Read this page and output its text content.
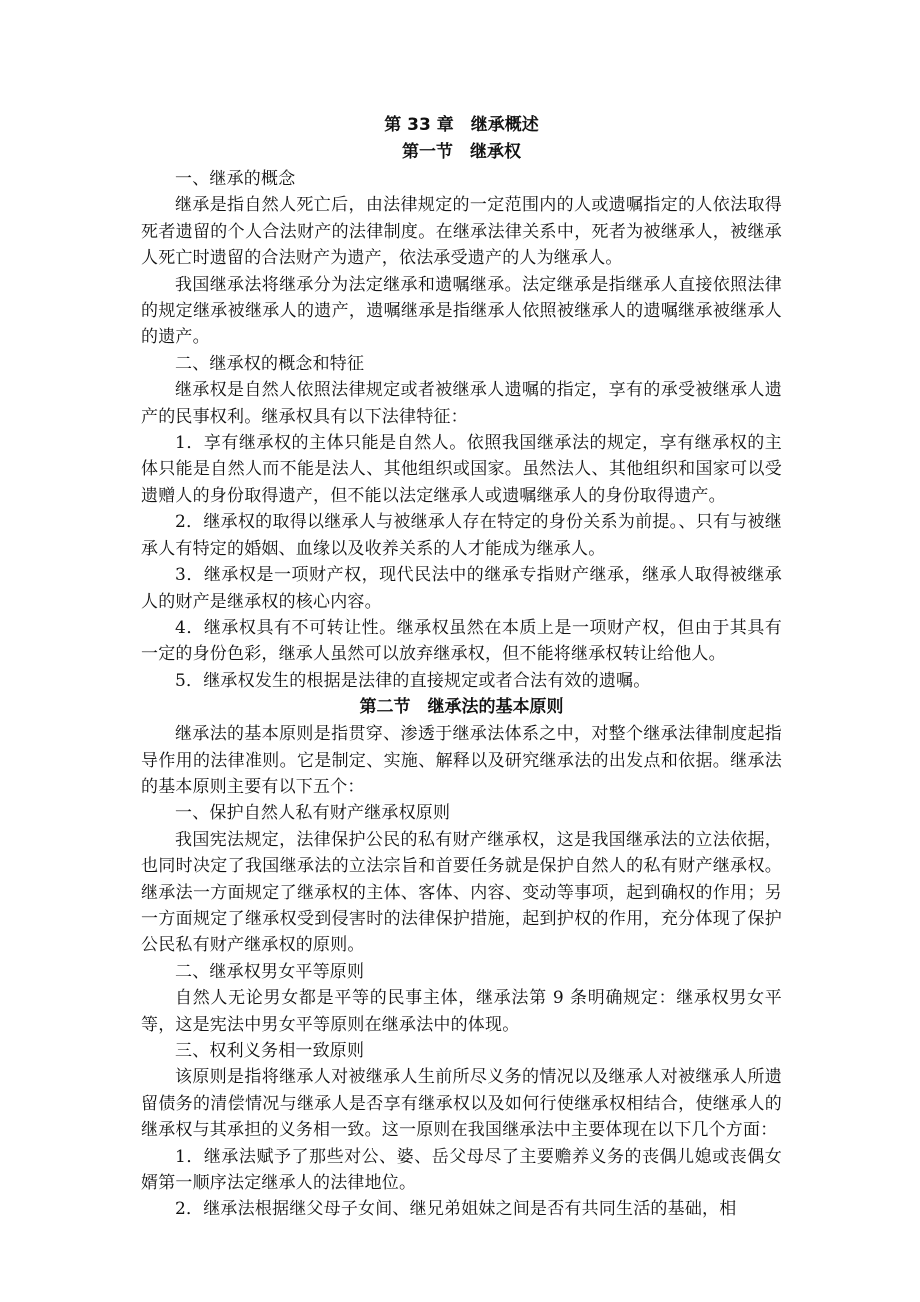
第 33 章　继承概述
第一节　继承权

一、继承的概念

继承是指自然人死亡后，由法律规定的一定范围内的人或遗嘱指定的人依法取得死者遗留的个人合法财产的法律制度。在继承法律关系中，死者为被继承人，被继承人死亡时遗留的合法财产为遗产，依法承受遗产的人为继承人。

我国继承法将继承分为法定继承和遗嘱继承。法定继承是指继承人直接依照法律的规定继承被继承人的遗产，遗嘱继承是指继承人依照被继承人的遗嘱继承被继承人的遗产。

二、继承权的概念和特征

继承权是自然人依照法律规定或者被继承人遗嘱的指定，享有的承受被继承人遗产的民事权利。继承权具有以下法律特征：

1．享有继承权的主体只能是自然人。依照我国继承法的规定，享有继承权的主体只能是自然人而不能是法人、其他组织或国家。虽然法人、其他组织和国家可以受遗赠人的身份取得遗产，但不能以法定继承人或遗嘱继承人的身份取得遗产。

2．继承权的取得以继承人与被继承人存在特定的身份关系为前提。、只有与被继承人有特定的婚姻、血缘以及收养关系的人才能成为继承人。

3．继承权是一项财产权，现代民法中的继承专指财产继承，继承人取得被继承人的财产是继承权的核心内容。

4．继承权具有不可转让性。继承权虽然在本质上是一项财产权，但由于其具有一定的身份色彩，继承人虽然可以放弃继承权，但不能将继承权转让给他人。

5．继承权发生的根据是法律的直接规定或者合法有效的遗嘱。

第二节　继承法的基本原则

继承法的基本原则是指贯穿、渗透于继承法体系之中，对整个继承法律制度起指导作用的法律准则。它是制定、实施、解释以及研究继承法的出发点和依据。继承法的基本原则主要有以下五个：

一、保护自然人私有财产继承权原则

我国宪法规定，法律保护公民的私有财产继承权，这是我国继承法的立法依据，也同时决定了我国继承法的立法宗旨和首要任务就是保护自然人的私有财产继承权。继承法一方面规定了继承权的主体、客体、内容、变动等事项，起到确权的作用；另一方面规定了继承权受到侵害时的法律保护措施，起到护权的作用，充分体现了保护公民私有财产继承权的原则。

二、继承权男女平等原则

自然人无论男女都是平等的民事主体，继承法第 9 条明确规定：继承权男女平等，这是宪法中男女平等原则在继承法中的体现。

三、权利义务相一致原则

该原则是指将继承人对被继承人生前所尽义务的情况以及继承人对被继承人所遗留债务的清偿情况与继承人是否享有继承权以及如何行使继承权相结合，使继承人的继承权与其承担的义务相一致。这一原则在我国继承法中主要体现在以下几个方面：

1．继承法赋予了那些对公、婆、岳父母尽了主要赡养义务的丧偶儿媳或丧偶女婿第一顺序法定继承人的法律地位。

2．继承法根据继父母子女间、继兄弟姐妹之间是否有共同生活的基础，相
